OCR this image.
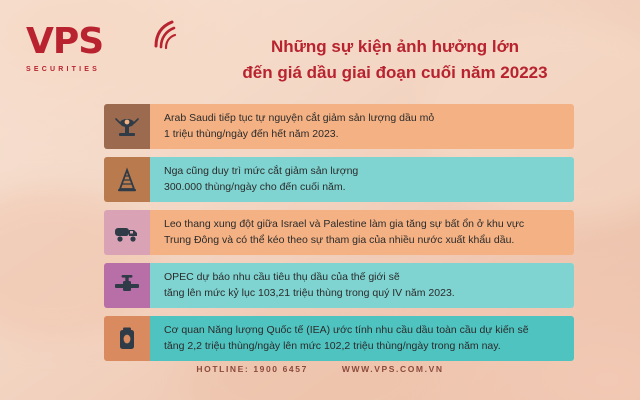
VPS
SECURITIES
Những sự kiện ảnh hưởng lớn
đến giá dầu giai đoạn cuối năm 20223
Arab Saudi tiếp tục tự nguyện cắt giảm sản lượng dầu mỏ
1 triệu thùng/ngày đến hết năm 2023.
Nga cũng duy trì mức cắt giảm sản lượng
300.000 thùng/ngày cho đến cuối năm.
Leo thang xung đột giữa Israel và Palestine làm gia tăng sự bất ổn ở khu vực
Trung Đông và có thể kéo theo sự tham gia của nhiều nước xuất khẩu dầu.
OPEC dự báo nhu cầu tiêu thụ dầu của thế giới sẽ
tăng lên mức kỷ lục 103,21 triệu thùng trong quý IV năm 2023.
Cơ quan Năng lượng Quốc tế (IEA) ước tính nhu cầu dầu toàn cầu dự kiến sẽ
tăng 2,2 triệu thùng/ngày lên mức 102,2 triệu thùng/ngày trong năm nay.
HOTLINE: 1900 6457	WWW.VPS.COM.VN
